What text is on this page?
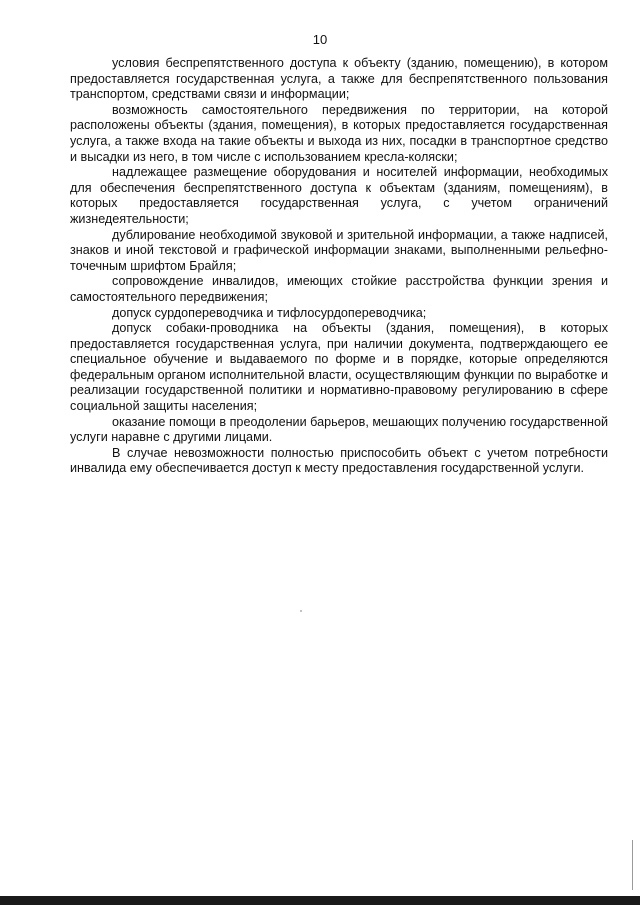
10

условия беспрепятственного доступа к объекту (зданию, помещению), в котором предоставляется государственная услуга, а также для беспрепятственного пользования транспортом, средствами связи и информации;

возможность самостоятельного передвижения по территории, на которой расположены объекты (здания, помещения), в которых предоставляется государственная услуга, а также входа на такие объекты и выхода из них, посадки в транспортное средство и высадки из него, в том числе с использованием кресла-коляски;

надлежащее размещение оборудования и носителей информации, необходимых для обеспечения беспрепятственного доступа к объектам (зданиям, помещениям), в которых предоставляется государственная услуга, с учетом ограничений жизнедеятельности;

дублирование необходимой звуковой и зрительной информации, а также надписей, знаков и иной текстовой и графической информации знаками, выполненными рельефно-точечным шрифтом Брайля;

сопровождение инвалидов, имеющих стойкие расстройства функции зрения и самостоятельного передвижения;

допуск сурдопереводчика и тифлосурдопереводчика;

допуск собаки-проводника на объекты (здания, помещения), в которых предоставляется государственная услуга, при наличии документа, подтверждающего ее специальное обучение и выдаваемого по форме и в порядке, которые определяются федеральным органом исполнительной власти, осуществляющим функции по выработке и реализации государственной политики и нормативно-правовому регулированию в сфере социальной защиты населения;

оказание помощи в преодолении барьеров, мешающих получению государственной услуги наравне с другими лицами.

В случае невозможности полностью приспособить объект с учетом потребности инвалида ему обеспечивается доступ к месту предоставления государственной услуги.
